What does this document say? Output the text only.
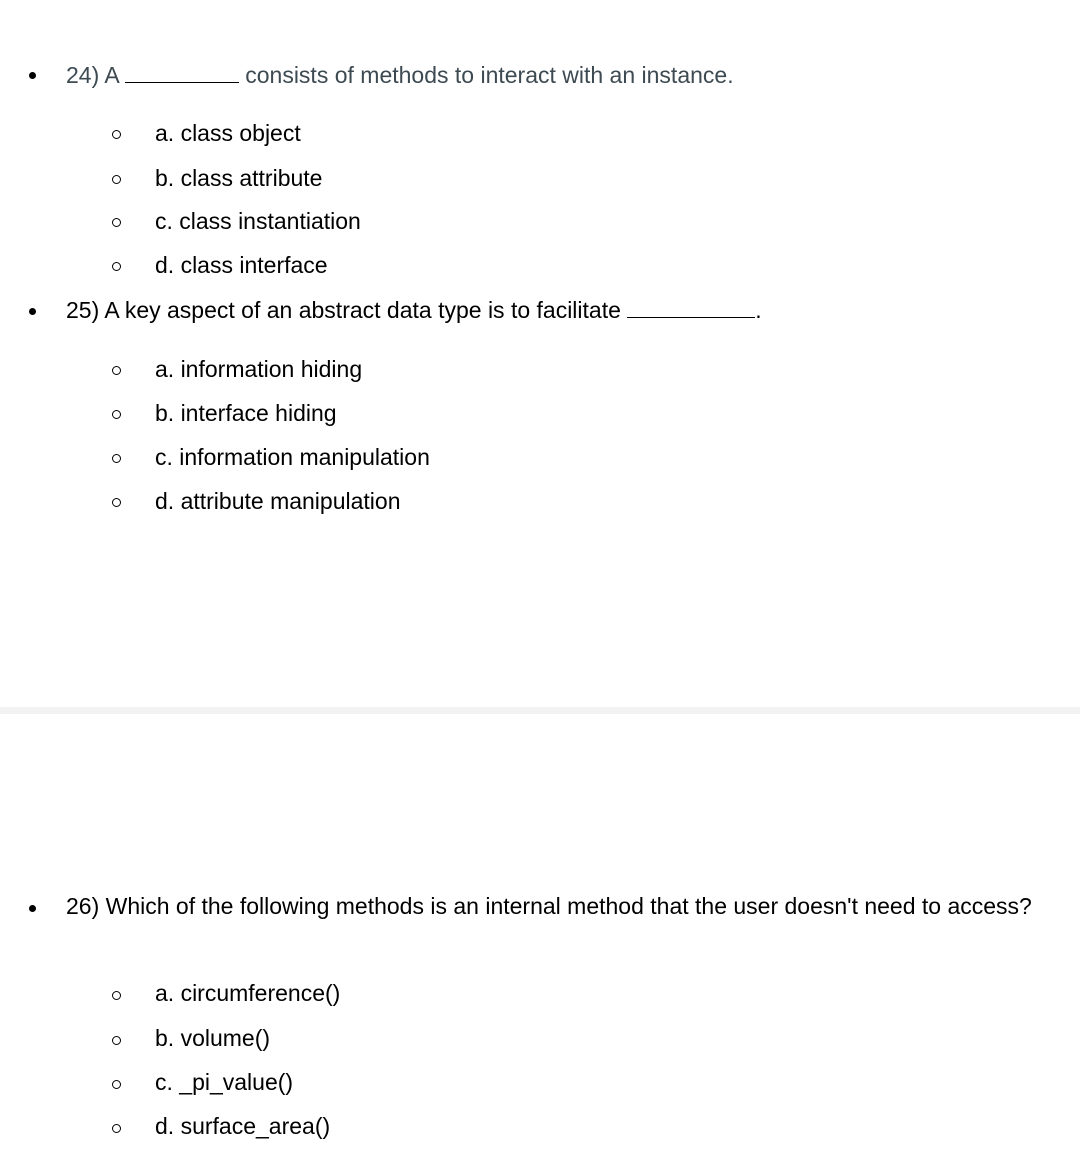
24) A	consists of methods to interact with an instance.
a. class object
b. class attribute
c. class instantiation
d. class interface
25) A key aspect of an abstract data type is to facilitate	.
a. information hiding
b. interface hiding
c. information manipulation
d. attribute manipulation
26) Which of the following methods is an internal method that the user doesn't need to access?
a. circumference()
b. volume()
c. _pi_value()
d. surface_area()
